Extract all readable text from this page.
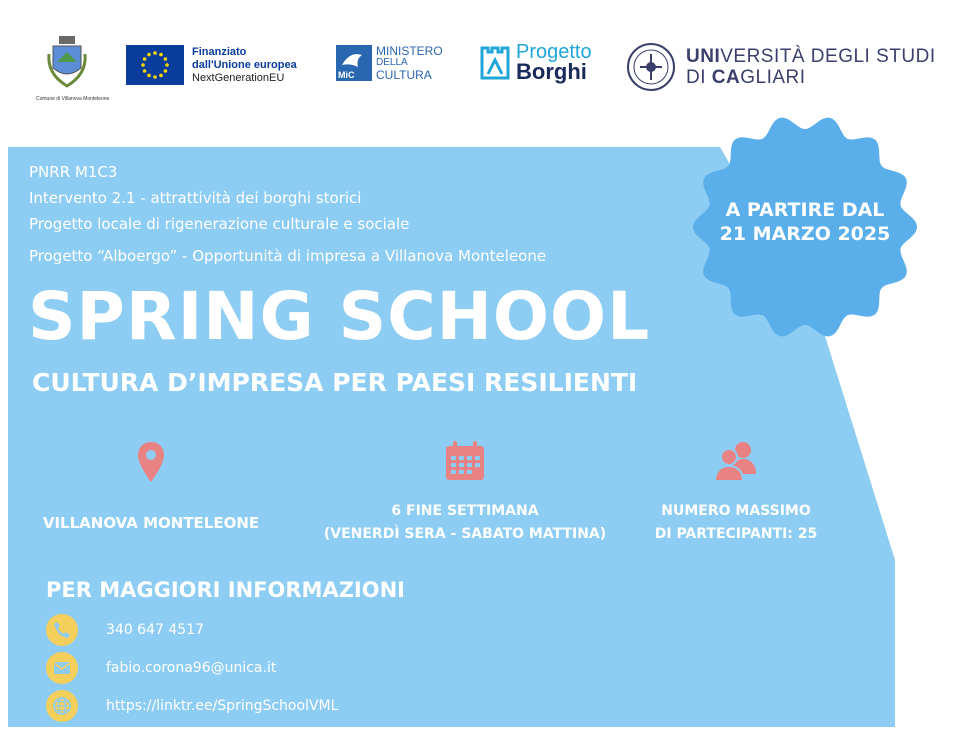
Comune di Villanova Monteleone
Finanziato
dall'Unione europea
NextGenerationEU	MiC
MINISTERO
DELLA
CULTURA
Progetto
Borghi
UNIVERSITÀ DEGLI STUDI
DI CAGLIARI
PNRR M1C3
Intervento 2.1 - attrattività dei borghi storici
Progetto locale di rigenerazione culturale e sociale
Progetto “Alboergo” - Opportunità di impresa a Villanova Monteleone
SPRING SCHOOL
CULTURA D’IMPRESA PER PAESI RESILIENTI
A PARTIRE DAL
21 MARZO 2025
VILLANOVA MONTELEONE
6 FINE SETTIMANA
(VENERDÌ SERA - SABATO MATTINA)
NUMERO MASSIMO
DI PARTECIPANTI: 25
PER MAGGIORI INFORMAZIONI
340 647 4517
fabio.corona96@unica.it
https://linktr.ee/SpringSchoolVML
